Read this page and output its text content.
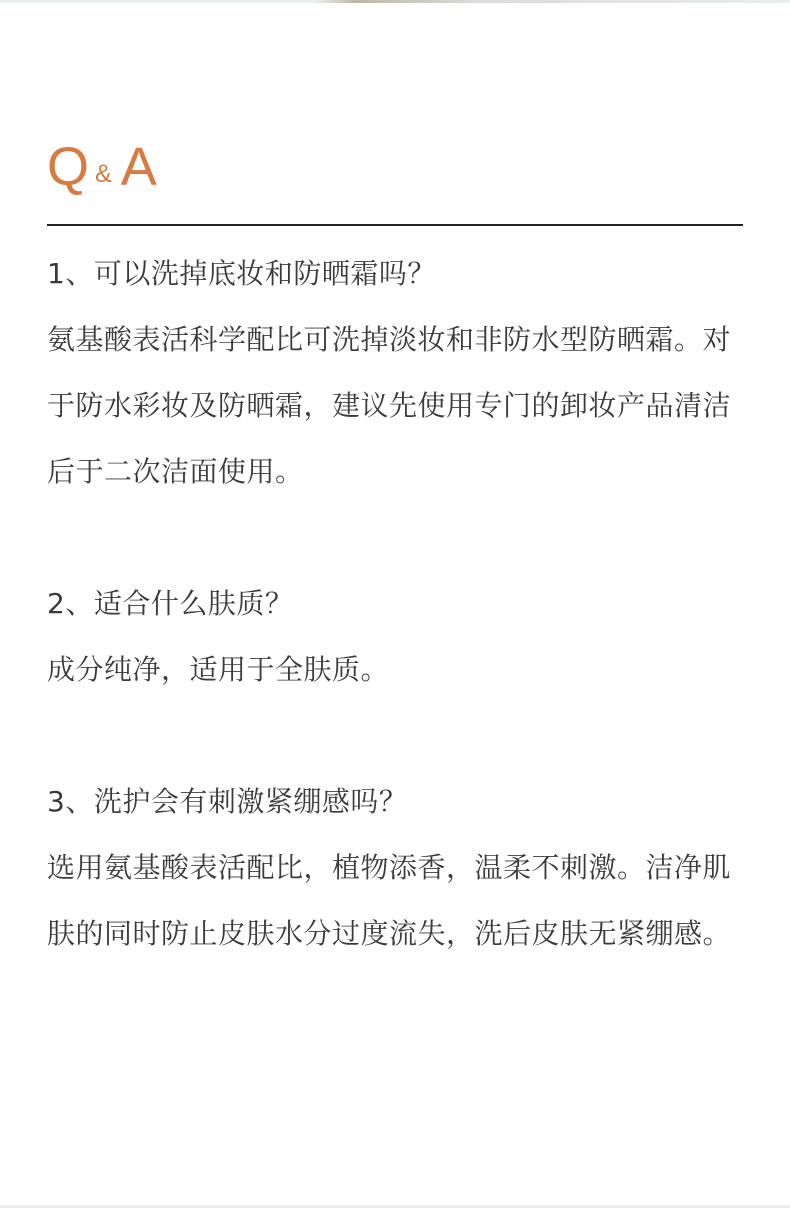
Q & A

1、可以洗掉底妆和防晒霜吗？

氨基酸表活科学配比可洗掉淡妆和非防水型防晒霜。对于防水彩妆及防晒霜，建议先使用专门的卸妆产品清洁后于二次洁面使用。

2、适合什么肤质？

成分纯净，适用于全肤质。

3、洗护会有刺激紧绷感吗？

选用氨基酸表活配比，植物添香，温柔不刺激。洁净肌肤的同时防止皮肤水分过度流失，洗后皮肤无紧绷感。
